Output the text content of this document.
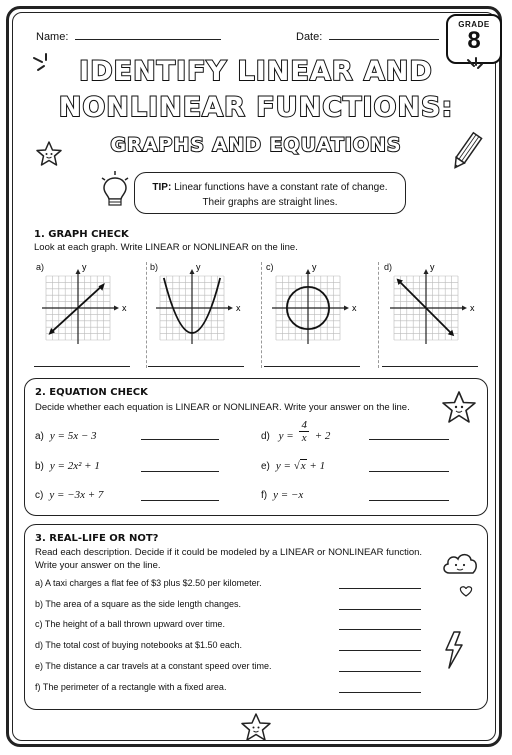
Name:	Date:
GRADE
8
IDENTIFY LINEAR AND
NONLINEAR FUNCTIONS:
GRAPHS AND EQUATIONS
TIP: Linear functions have a constant rate of change.
Their graphs are straight lines.
1. GRAPH CHECK
Look at each graph. Write LINEAR or NONLINEAR on the line.
a)	y
x
b)	y
x
c)	y
x
d)	y
x
2. EQUATION CHECK
Decide whether each equation is LINEAR or NONLINEAR. Write your answer on the line.
a) y = 5x − 3
b) y = 2x² + 1
c) y = −3x + 7
d) $y = \frac{4}{x} + 2$
e) y = √x + 1
f) y = −x
3. REAL-LIFE OR NOT?
Read each description. Decide if it could be modeled by a LINEAR or NONLINEAR function.
Write your answer on the line.
a) A taxi charges a flat fee of $3 plus $2.50 per kilometer.
b) The area of a square as the side length changes.
c) The height of a ball thrown upward over time.
d) The total cost of buying notebooks at $1.50 each.
e) The distance a car travels at a constant speed over time.
f) The perimeter of a rectangle with a fixed area.
